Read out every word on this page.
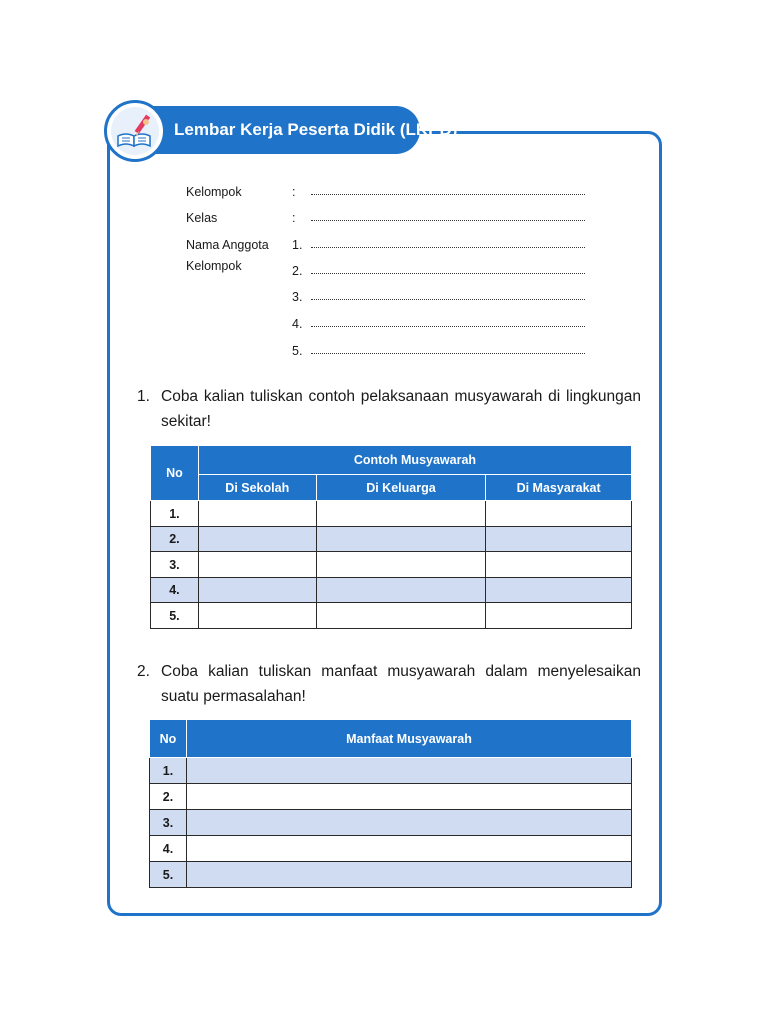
Lembar Kerja Peserta Didik (LKPD)
Kelompok	:
Kelas	:
Nama Anggota 1.
Kelompok	2.
3.
4.
5.
1. Coba kalian tuliskan contoh pelaksanaan musyawarah di lingkungan sekitar!
No	Contoh Musyawarah		
	Di Sekolah	Di Keluarga	Di Masyarakat
1.			
2.			
3.			
4.			
5.			
2. Coba kalian tuliskan manfaat musyawarah dalam menyelesaikan suatu permasalahan!
No	Manfaat Musyawarah
1.	
2.	
3.	
4.	
5.	
